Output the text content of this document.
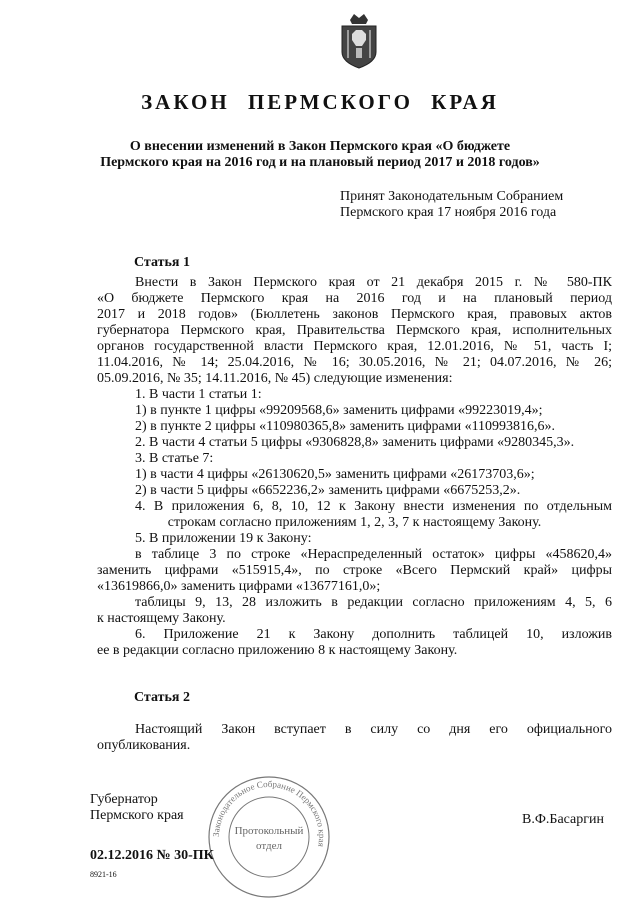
ЗАКОН ПЕРМСКОГО КРАЯ
О внесении изменений в Закон Пермского края «О бюджете
Пермского края на 2016 год и на плановый период 2017 и 2018 годов»
Принят Законодательным Собранием
Пермского края 17 ноября 2016 года
Статья 1
Внести в Закон Пермского края от 21 декабря 2015 г. № 580-ПК
«О бюджете Пермского края на 2016 год и на плановый период
2017 и 2018 годов» (Бюллетень законов Пермского края, правовых актов
губернатора Пермского края, Правительства Пермского края, исполнительных
органов государственной власти Пермского края, 12.01.2016, № 51, часть I;
11.04.2016, № 14; 25.04.2016, № 16; 30.05.2016, № 21; 04.07.2016, № 26;
05.09.2016, № 35; 14.11.2016, № 45) следующие изменения:
1. В части 1 статьи 1:
1) в пункте 1 цифры «99209568,6» заменить цифрами «99223019,4»;
2) в пункте 2 цифры «110980365,8» заменить цифрами «110993816,6».
2. В части 4 статьи 5 цифры «9306828,8» заменить цифрами «9280345,3».
3. В статье 7:
1) в части 4 цифры «26130620,5» заменить цифрами «26173703,6»;
2) в части 5 цифры «6652236,2» заменить цифрами «6675253,2».
4. В приложения 6, 8, 10, 12 к Закону внести изменения по отдельным
строкам согласно приложениям 1, 2, 3, 7 к настоящему Закону.
5. В приложении 19 к Закону:
в таблице 3 по строке «Нераспределенный остаток» цифры «458620,4»
заменить цифрами «515915,4», по строке «Всего Пермский край» цифры
«13619866,0» заменить цифрами «13677161,0»;
таблицы 9, 13, 28 изложить в редакции согласно приложениям 4, 5, 6
к настоящему Закону.
6. Приложение 21 к Закону дополнить таблицей 10, изложив
ее в редакции согласно приложению 8 к настоящему Закону.
Статья 2
Настоящий Закон вступает в силу со дня его официального
опубликования.
Губернатор
Пермского края	В.Ф.Басаргин
Законодательное Собрание Пермского края
Протокольный
отдел
02.12.2016 № 30-ПК
8921-16
